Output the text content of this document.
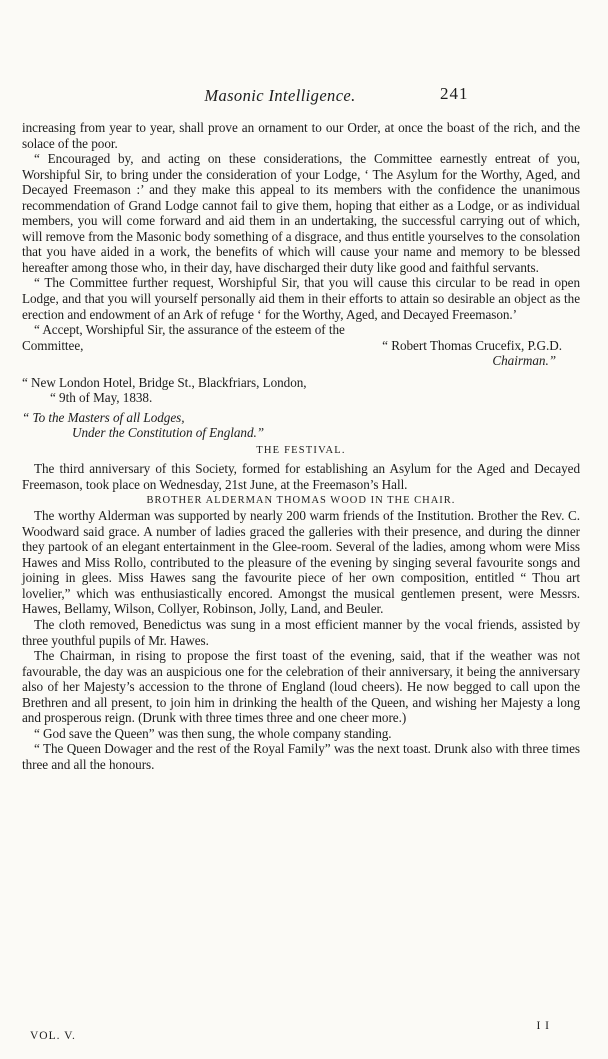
Masonic Intelligence.	241

increasing from year to year, shall prove an ornament to our Order, at once the boast of the rich, and the solace of the poor.

“ Encouraged by, and acting on these considerations, the Committee earnestly entreat of you, Worshipful Sir, to bring under the consideration of your Lodge, ‘ The Asylum for the Worthy, Aged, and Decayed Freemason :’ and they make this appeal to its members with the confidence the unanimous recommendation of Grand Lodge cannot fail to give them, hoping that either as a Lodge, or as individual members, you will come forward and aid them in an undertaking, the successful carrying out of which, will remove from the Masonic body something of a disgrace, and thus entitle yourselves to the consolation that you have aided in a work, the benefits of which will cause your name and memory to be blessed hereafter among those who, in their day, have discharged their duty like good and faithful servants.

“ The Committee further request, Worshipful Sir, that you will cause this circular to be read in open Lodge, and that you will yourself personally aid them in their efforts to attain so desirable an object as the erection and endowment of an Ark of refuge ‘ for the Worthy, Aged, and Decayed Freemason.’

“ Accept, Worshipful Sir, the assurance of the esteem of the

Committee,	“ Robert Thomas Crucefix, P.G.D.

Chairman.”

“ New London Hotel, Bridge St., Blackfriars, London,

“ 9th of May, 1838.

“ To the Masters of all Lodges,

Under the Constitution of England.”

THE FESTIVAL.

The third anniversary of this Society, formed for establishing an Asylum for the Aged and Decayed Freemason, took place on Wednesday, 21st June, at the Freemason’s Hall.

BROTHER ALDERMAN THOMAS WOOD IN THE CHAIR.

The worthy Alderman was supported by nearly 200 warm friends of the Institution. Brother the Rev. C. Woodward said grace. A number of ladies graced the galleries with their presence, and during the dinner they partook of an elegant entertainment in the Glee-room. Several of the ladies, among whom were Miss Hawes and Miss Rollo, contributed to the pleasure of the evening by singing several favourite songs and joining in glees. Miss Hawes sang the favourite piece of her own composition, entitled “ Thou art lovelier,” which was enthusiastically encored. Amongst the musical gentlemen present, were Messrs. Hawes, Bellamy, Wilson, Collyer, Robinson, Jolly, Land, and Beuler.

The cloth removed, Benedictus was sung in a most efficient manner by the vocal friends, assisted by three youthful pupils of Mr. Hawes.

The Chairman, in rising to propose the first toast of the evening, said, that if the weather was not favourable, the day was an auspicious one for the celebration of their anniversary, it being the anniversary also of her Majesty’s accession to the throne of England (loud cheers). He now begged to call upon the Brethren and all present, to join him in drinking the health of the Queen, and wishing her Majesty a long and prosperous reign. (Drunk with three times three and one cheer more.)

“ God save the Queen” was then sung, the whole company standing.

“ The Queen Dowager and the rest of the Royal Family” was the next toast. Drunk also with three times three and all the honours.

VOL. V.
I I
